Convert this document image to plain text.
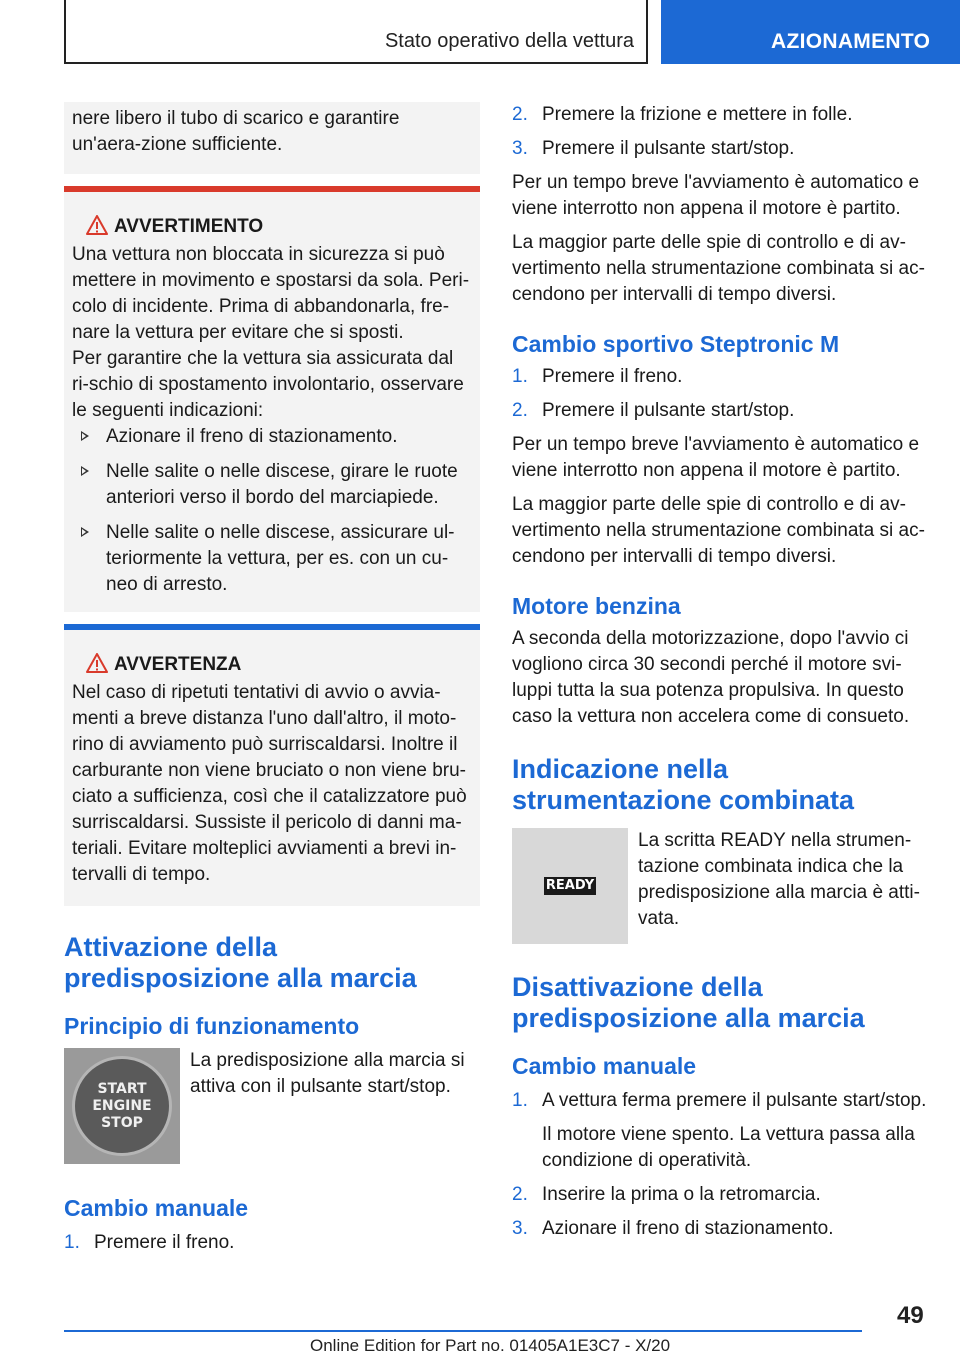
Stato operativo della vettura	AZIONAMENTO

nere libero il tubo di scarico e garantire un'aera-zione sufficiente.

AVVERTIMENTO

Una vettura non bloccata in sicurezza si può mettere in movimento e spostarsi da sola. Peri-colo di incidente. Prima di abbandonarla, fre-nare la vettura per evitare che si sposti.

Per garantire che la vettura sia assicurata dal ri-schio di spostamento involontario, osservare le seguenti indicazioni:

Azionare il freno di stazionamento.
Nelle salite o nelle discese, girare le ruote anteriori verso il bordo del marciapiede.
Nelle salite o nelle discese, assicurare ul-teriormente la vettura, per es. con un cu-neo di arresto.
AVVERTENZA

Nel caso di ripetuti tentativi di avvio o avvia-menti a breve distanza l'uno dall'altro, il moto-rino di avviamento può surriscaldarsi. Inoltre il carburante non viene bruciato o non viene bru-ciato a sufficienza, così che il catalizzatore può surriscaldarsi. Sussiste il pericolo di danni ma-teriali. Evitare molteplici avviamenti a brevi in-tervalli di tempo.

Attivazione della predisposizione alla marcia
Principio di funzionamento
START
ENGINE
STOP

La predisposizione alla marcia si attiva con il pulsante start/stop.

Cambio manuale
1. Premere il freno.
2. Premere la frizione e mettere in folle.
3. Premere il pulsante start/stop.

Per un tempo breve l'avviamento è automatico e viene interrotto non appena il motore è partito.

La maggior parte delle spie di controllo e di av-vertimento nella strumentazione combinata si ac-cendono per intervalli di tempo diversi.

Cambio sportivo Steptronic M
1. Premere il freno.
2. Premere il pulsante start/stop.

Per un tempo breve l'avviamento è automatico e viene interrotto non appena il motore è partito.

La maggior parte delle spie di controllo e di av-vertimento nella strumentazione combinata si ac-cendono per intervalli di tempo diversi.

Motore benzina

A seconda della motorizzazione, dopo l'avvio ci vogliono circa 30 secondi perché il motore svi-luppi tutta la sua potenza propulsiva. In questo caso la vettura non accelera come di consueto.

Indicazione nella strumentazione combinata
READY

La scritta READY nella strumen-tazione combinata indica che la predisposizione alla marcia è atti-vata.

Disattivazione della predisposizione alla marcia
Cambio manuale
1. A vettura ferma premere il pulsante start/stop.
Il motore viene spento. La vettura passa alla condizione di operatività.
2. Inserire la prima o la retromarcia.
3. Azionare il freno di stazionamento.
49
Online Edition for Part no. 01405A1E3C7 - X/20
